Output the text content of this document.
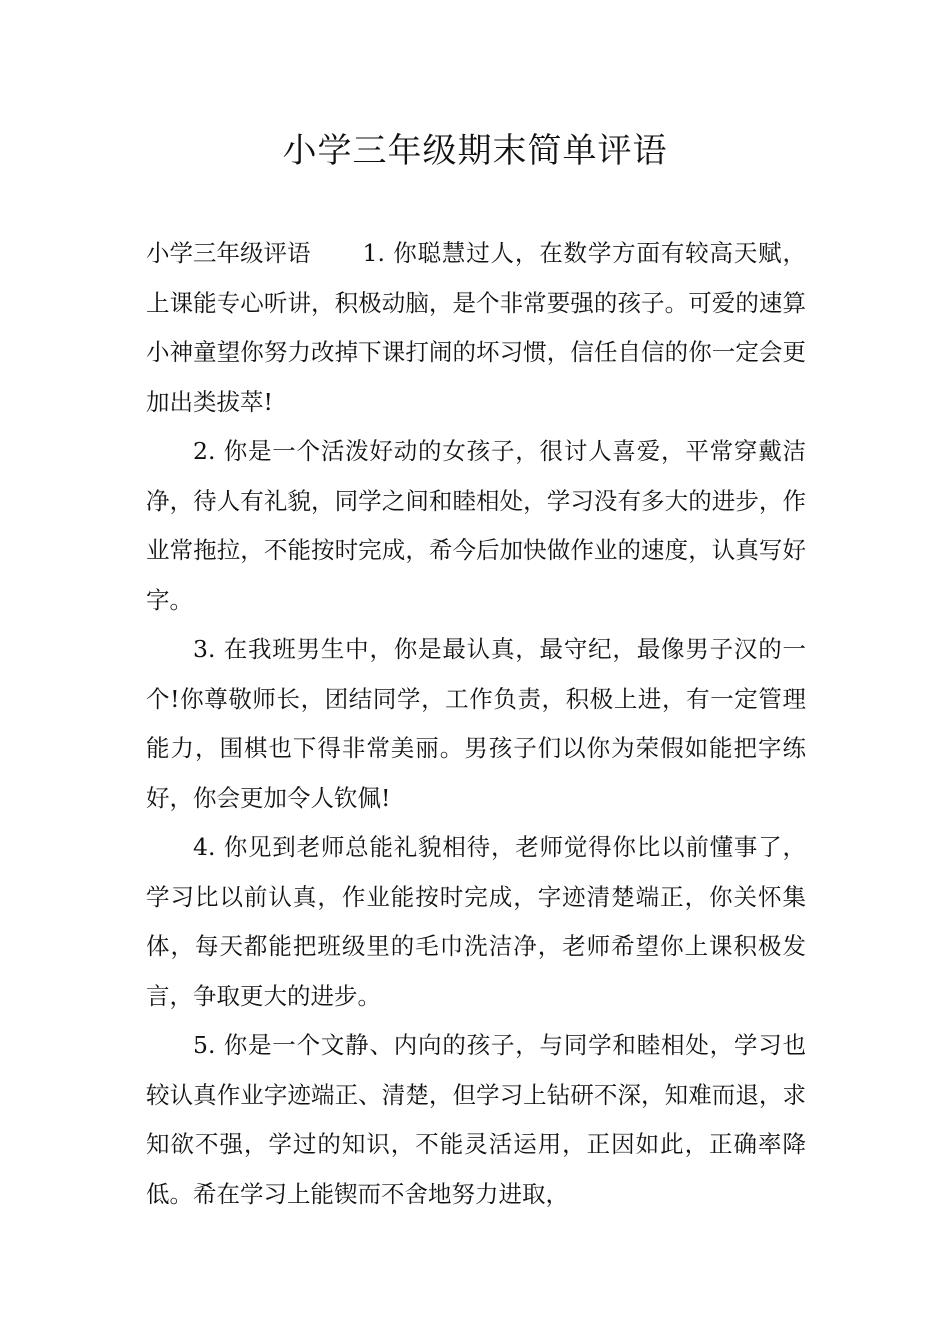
小学三年级期末简单评语

小学三年级评语 1. 你聪慧过人，在数学方面有较高天赋，上课能专心听讲，积极动脑，是个非常要强的孩子。可爱的速算小神童望你努力改掉下课打闹的坏习惯，信任自信的你一定会更加出类拔萃!

2. 你是一个活泼好动的女孩子，很讨人喜爱，平常穿戴洁净，待人有礼貌，同学之间和睦相处，学习没有多大的进步，作业常拖拉，不能按时完成，希今后加快做作业的速度，认真写好字。

3. 在我班男生中，你是最认真，最守纪，最像男子汉的一个!你尊敬师长，团结同学，工作负责，积极上进，有一定管理能力，围棋也下得非常美丽。男孩子们以你为荣假如能把字练好，你会更加令人钦佩!

4. 你见到老师总能礼貌相待，老师觉得你比以前懂事了，学习比以前认真，作业能按时完成，字迹清楚端正，你关怀集体，每天都能把班级里的毛巾洗洁净，老师希望你上课积极发言，争取更大的进步。

5. 你是一个文静、内向的孩子，与同学和睦相处，学习也较认真作业字迹端正、清楚，但学习上钻研不深，知难而退，求知欲不强，学过的知识，不能灵活运用，正因如此，正确率降低。希在学习上能锲而不舍地努力进取，
